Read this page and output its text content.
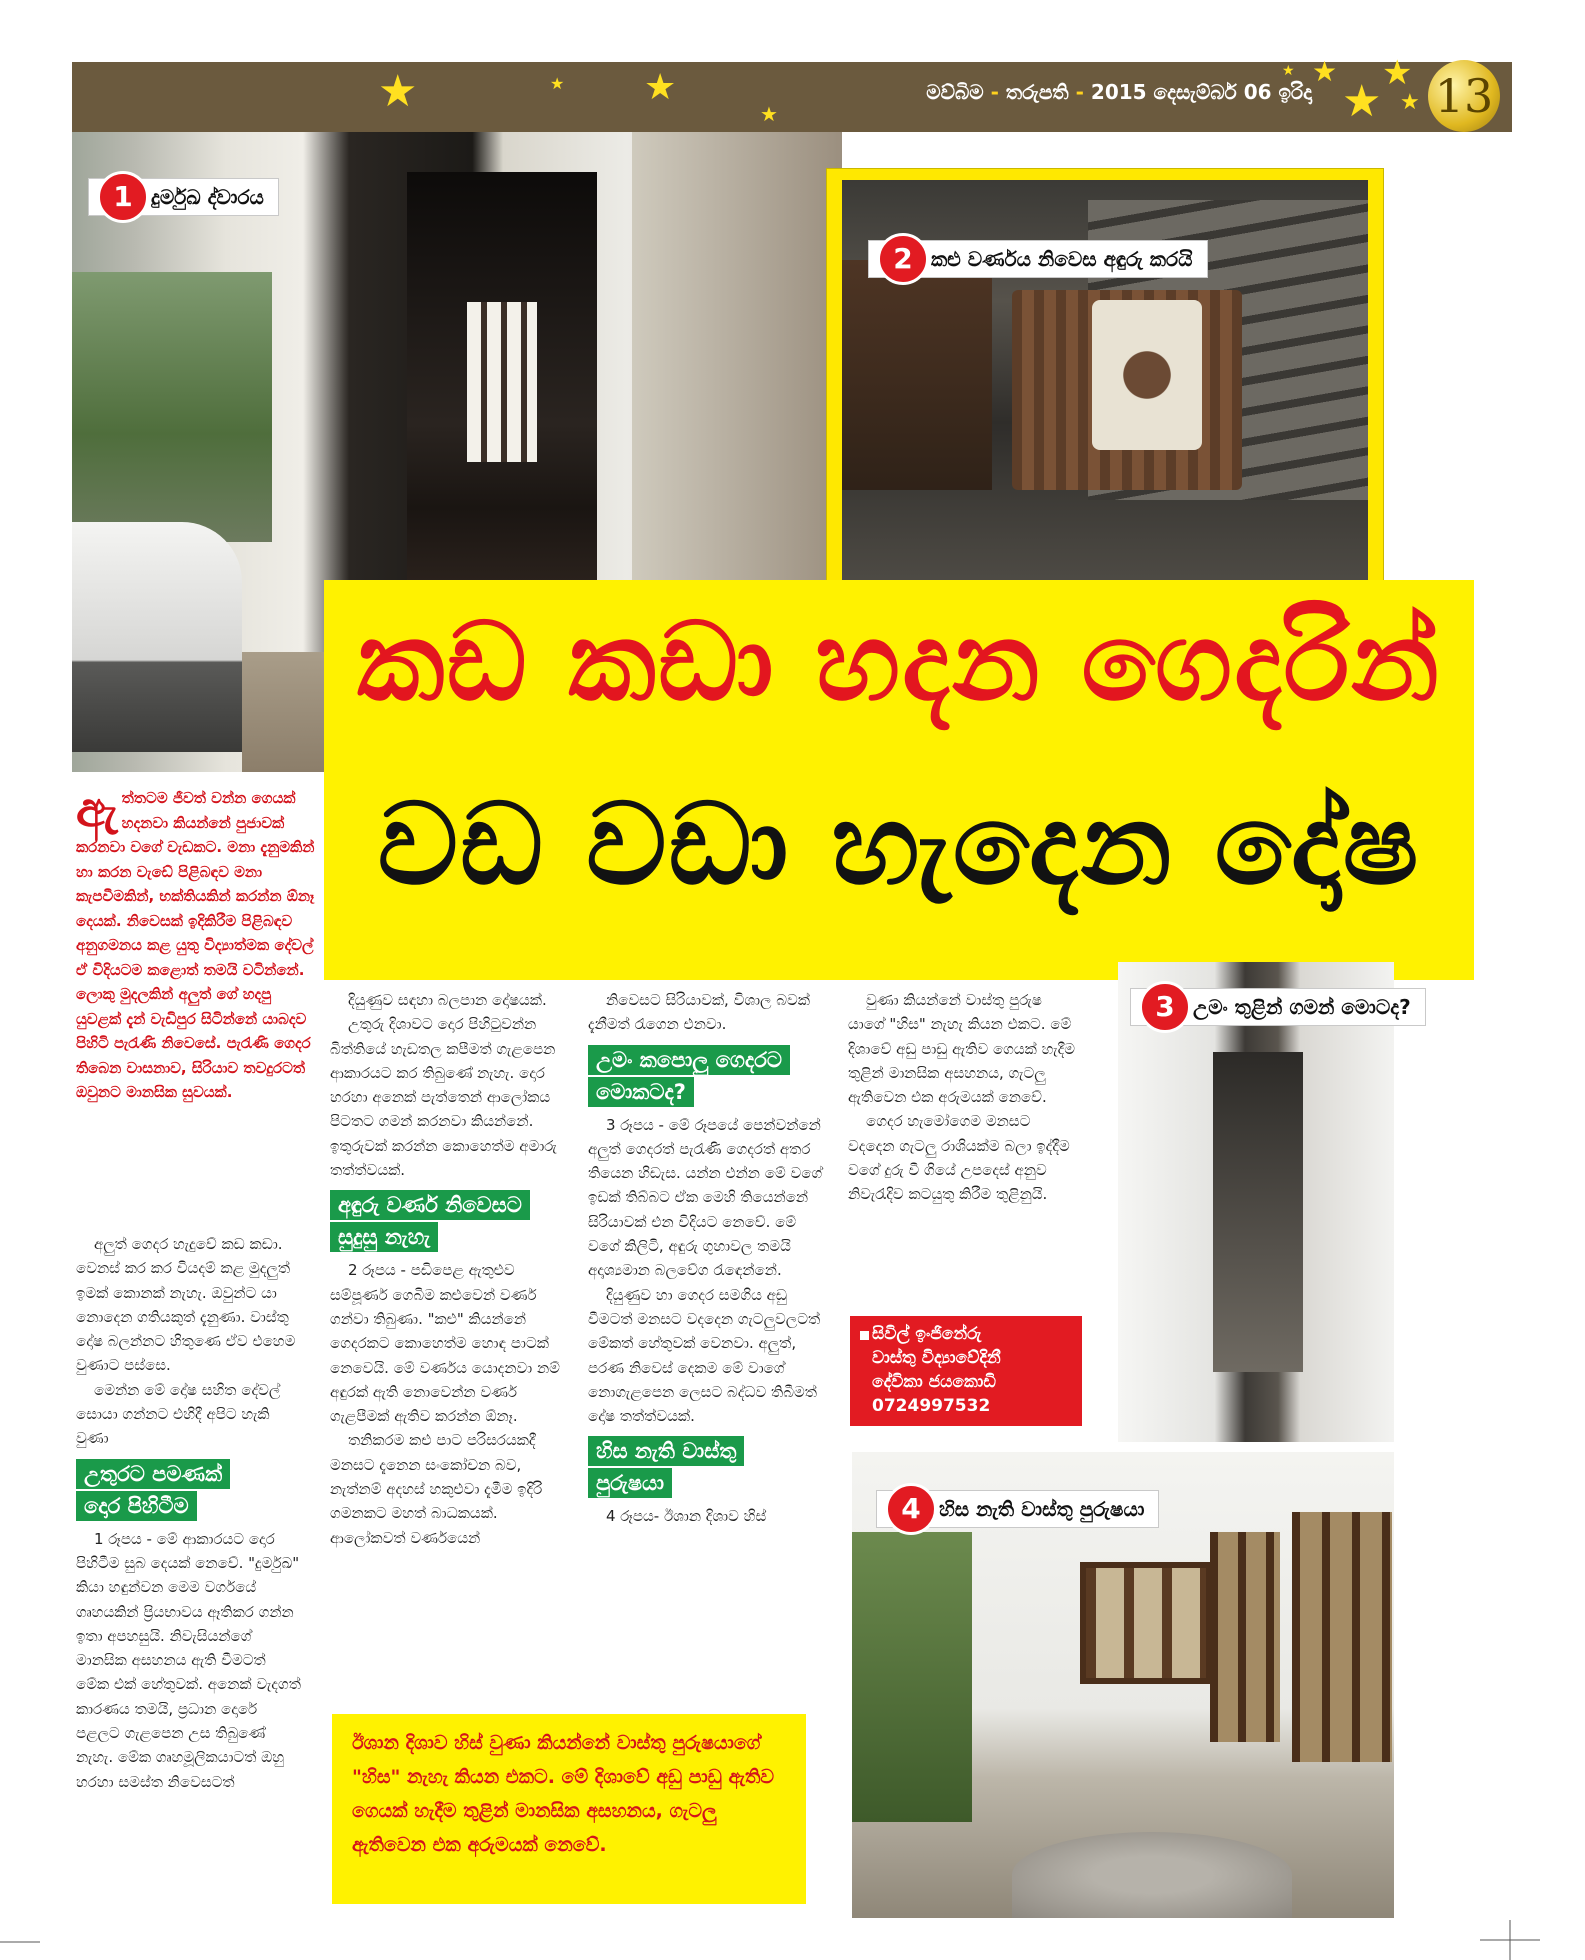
★	★ ★
★
★ ★
★
★
★
මව්බිම - තරුපති - 2015 දෙසැම්බර් 06 ඉරිදා	13
1 දුර්මුඛ ද්වාරය
2 කළු වර්ණය නිවෙස අඳුරු කරයි
කඩ කඩා හදන ගෙදරින්
වඩ වඩා හැදෙන දෝෂ
ඇත්තටම ජීවත් වන්න ගෙයක් හදනවා කියන්නේ පුජාවක් කරනවා වගේ වැඩකට. මනා දැනුමකින් හා කරන වැඩේ පිළිබඳව මනා කැපවීමකින්, භක්තියකින් කරන්න ඕනෑ දෙයක්. නිවෙසක් ඉදිකිරීම පිළිබඳව අනුගමනය කළ යුතු විද්‍යාත්මක දේවල් ඒ විදියටම කළොත් තමයි වටින්නේ. ලොකු මුදලකින් අලුත් ගේ හදපු යුවළක් දැන් වැඩිපුර සිටින්නේ යාබදව පිහිටි පැරැණි නිවෙසේ. පැරැණි ගෙදර තිබෙන වාසනාව, සිරියාව තවදුරටත් ඔවුනට මානසික සුවයක්.

අලුත් ගෙදර හැදුවේ කඩ කඩා. වෙනස් කර කර වියදම් කළ මුදලුත් ඉමක් කොනක් නැහැ. ඔවුන්ට යා නොදෙන ගතියකුත් දැනුණා. වාස්තු දෝෂ බලන්නට හිතුණෙ ඒව එහෙම වුණාට පස්සෙ.

මෙන්න මේ දෝෂ සහිත දේවල් සොයා ගන්නට එහිදී අපිට හැකි වුණා

උතුරට පමණක්
දොර පිහිටීම

1 රූපය - මේ ආකාරයට දොර පිහිටීම සුබ දෙයක් නෙවේ. "දුර්මුඛ" කියා හඳුන්වන මෙම වර්ගයේ ගෘහයකින් ප්‍රියභාවය ඈතිකර ගන්න ඉතා අපහසුයි. නිවැසියන්ගේ මානසික අසහනය ඇති වීමටත් මේක එක් හේතුවක්. අනෙක් වැදගත් කාරණය තමයි, ප්‍රධාන දොරේ පළලට ගැළපෙන උස තිබුණේ නැහැ. මේක ගෘහමූලිකයාටත් ඔහු හරහා සමස්ත නිවෙසටත්

දියුණුව සඳහා බලපාන දෝෂයක්.

උතුරු දිශාවට දොර පිහිටුවන්න බිත්තියේ හැඩතල කපීමත් ගැළපෙන ආකාරයට කර තිබුණේ නැහැ. දොර හරහා අනෙක් පැත්තෙන් ආලෝකය පිටතට ගමන් කරනවා කියන්නේ. ඉතුරුවක් කරන්න කොහෙත්ම අමාරු තත්ත්වයක්.

අඳුරු වර්ණ නිවෙසට
සුදුසු නැහැ

2 රූපය - පඩිපෙළ ඇතුළුව සම්පූර්ණ ගෙබිම කළුවෙන් වර්ණ ගන්වා තිබුණා. "කළු" කියන්නේ ගෙදරකට කොහෙත්ම හොඳ පාටක් නෙවෙයි. මේ වර්ණය යොදනවා නම් අඳුරක් ඇති නොවෙන්න වර්ණ ගැළපීමක් ඇතිව කරන්න ඕනෑ.

තනිකරම කළු පාට පරිසරයකදී මනසට දැනෙන සංකෝචන බව, නැත්නම් අදහස් හකුළුවා දැමීම ඉදිරි ගමනකට මහත් බාධකයක්. ආලෝකවත් වර්ණයෙන්

නිවෙසට සිරියාවක්, විශාල බවක් දැනීමත් රැගෙන එනවා.

උමං කපොලු ගෙදරට
මොකටද?

3 රූපය - මේ රූපයේ පෙන්වන්නේ අලුත් ගෙදරත් පැරැණි ගෙදරත් අතර තියෙන හිඩැස. යන්න එන්න මේ වගේ ඉඩක් තිබ්බට ඒක මෙහි තියෙන්නේ සිරියාවක් එන විදියට නෙවේ. මේ වගේ කිලිටි, අඳුරු ගුහාවල තමයි අදෘශ්‍යමාන බලවේග රැඳෙන්නේ.

දියුණුව හා ගෙදර සමගිය අඩු වීමටත් මනසට වදදෙන ගැටලුවලටත් මේකත් හේතුවක් වෙනවා. අලුත්, පරණ නිවෙස් දෙකම මේ වාගේ නොගැළපෙන ලෙසට බද්ධව තිබීමත් දෝෂ තත්ත්වයක්.

හිස නැති වාස්තු
පුරුෂයා

4 රූපය- ඊශාන දිශාව හිස්

වුණා කියන්නේ වාස්තු පුරුෂ යාගේ "හිස" නැහැ කියන එකට. මේ දිශාවේ අඩු පාඩු ඇතිව ගෙයක් හැදීම තුළින් මානසික අසහනය, ගැටලු ඇතිවෙන එක අරුමයක් නෙවේ.

ගෙදර හැමෝගෙම මනසට වදදෙන ගැටලු රාශියක්ම බලා ඉද්දීම වගේ දුරු වී ගියේ උපදෙස් අනුව නිවැරැදිව කටයුතු කිරීම තුළිනුයි.

සිවිල් ඉංජිනේරු
වාස්තු විද්‍යාවේදිනී
දේවිකා ජයකොඩි
0724997532
3 උමං තුළින් ගමන් මොටද?
4 හිස නැති වාස්තු පුරුෂයා
ඊශාන දිශාව හිස් වුණා කියන්නේ වාස්තු පුරුෂයාගේ "හිස" නැහැ කියන එකට. මේ දිශාවේ අඩු පාඩු ඇතිව ගෙයක් හැදීම තුළින් මානසික අසහනය, ගැටලු ඇතිවෙන එක අරුමයක් නෙවේ.
